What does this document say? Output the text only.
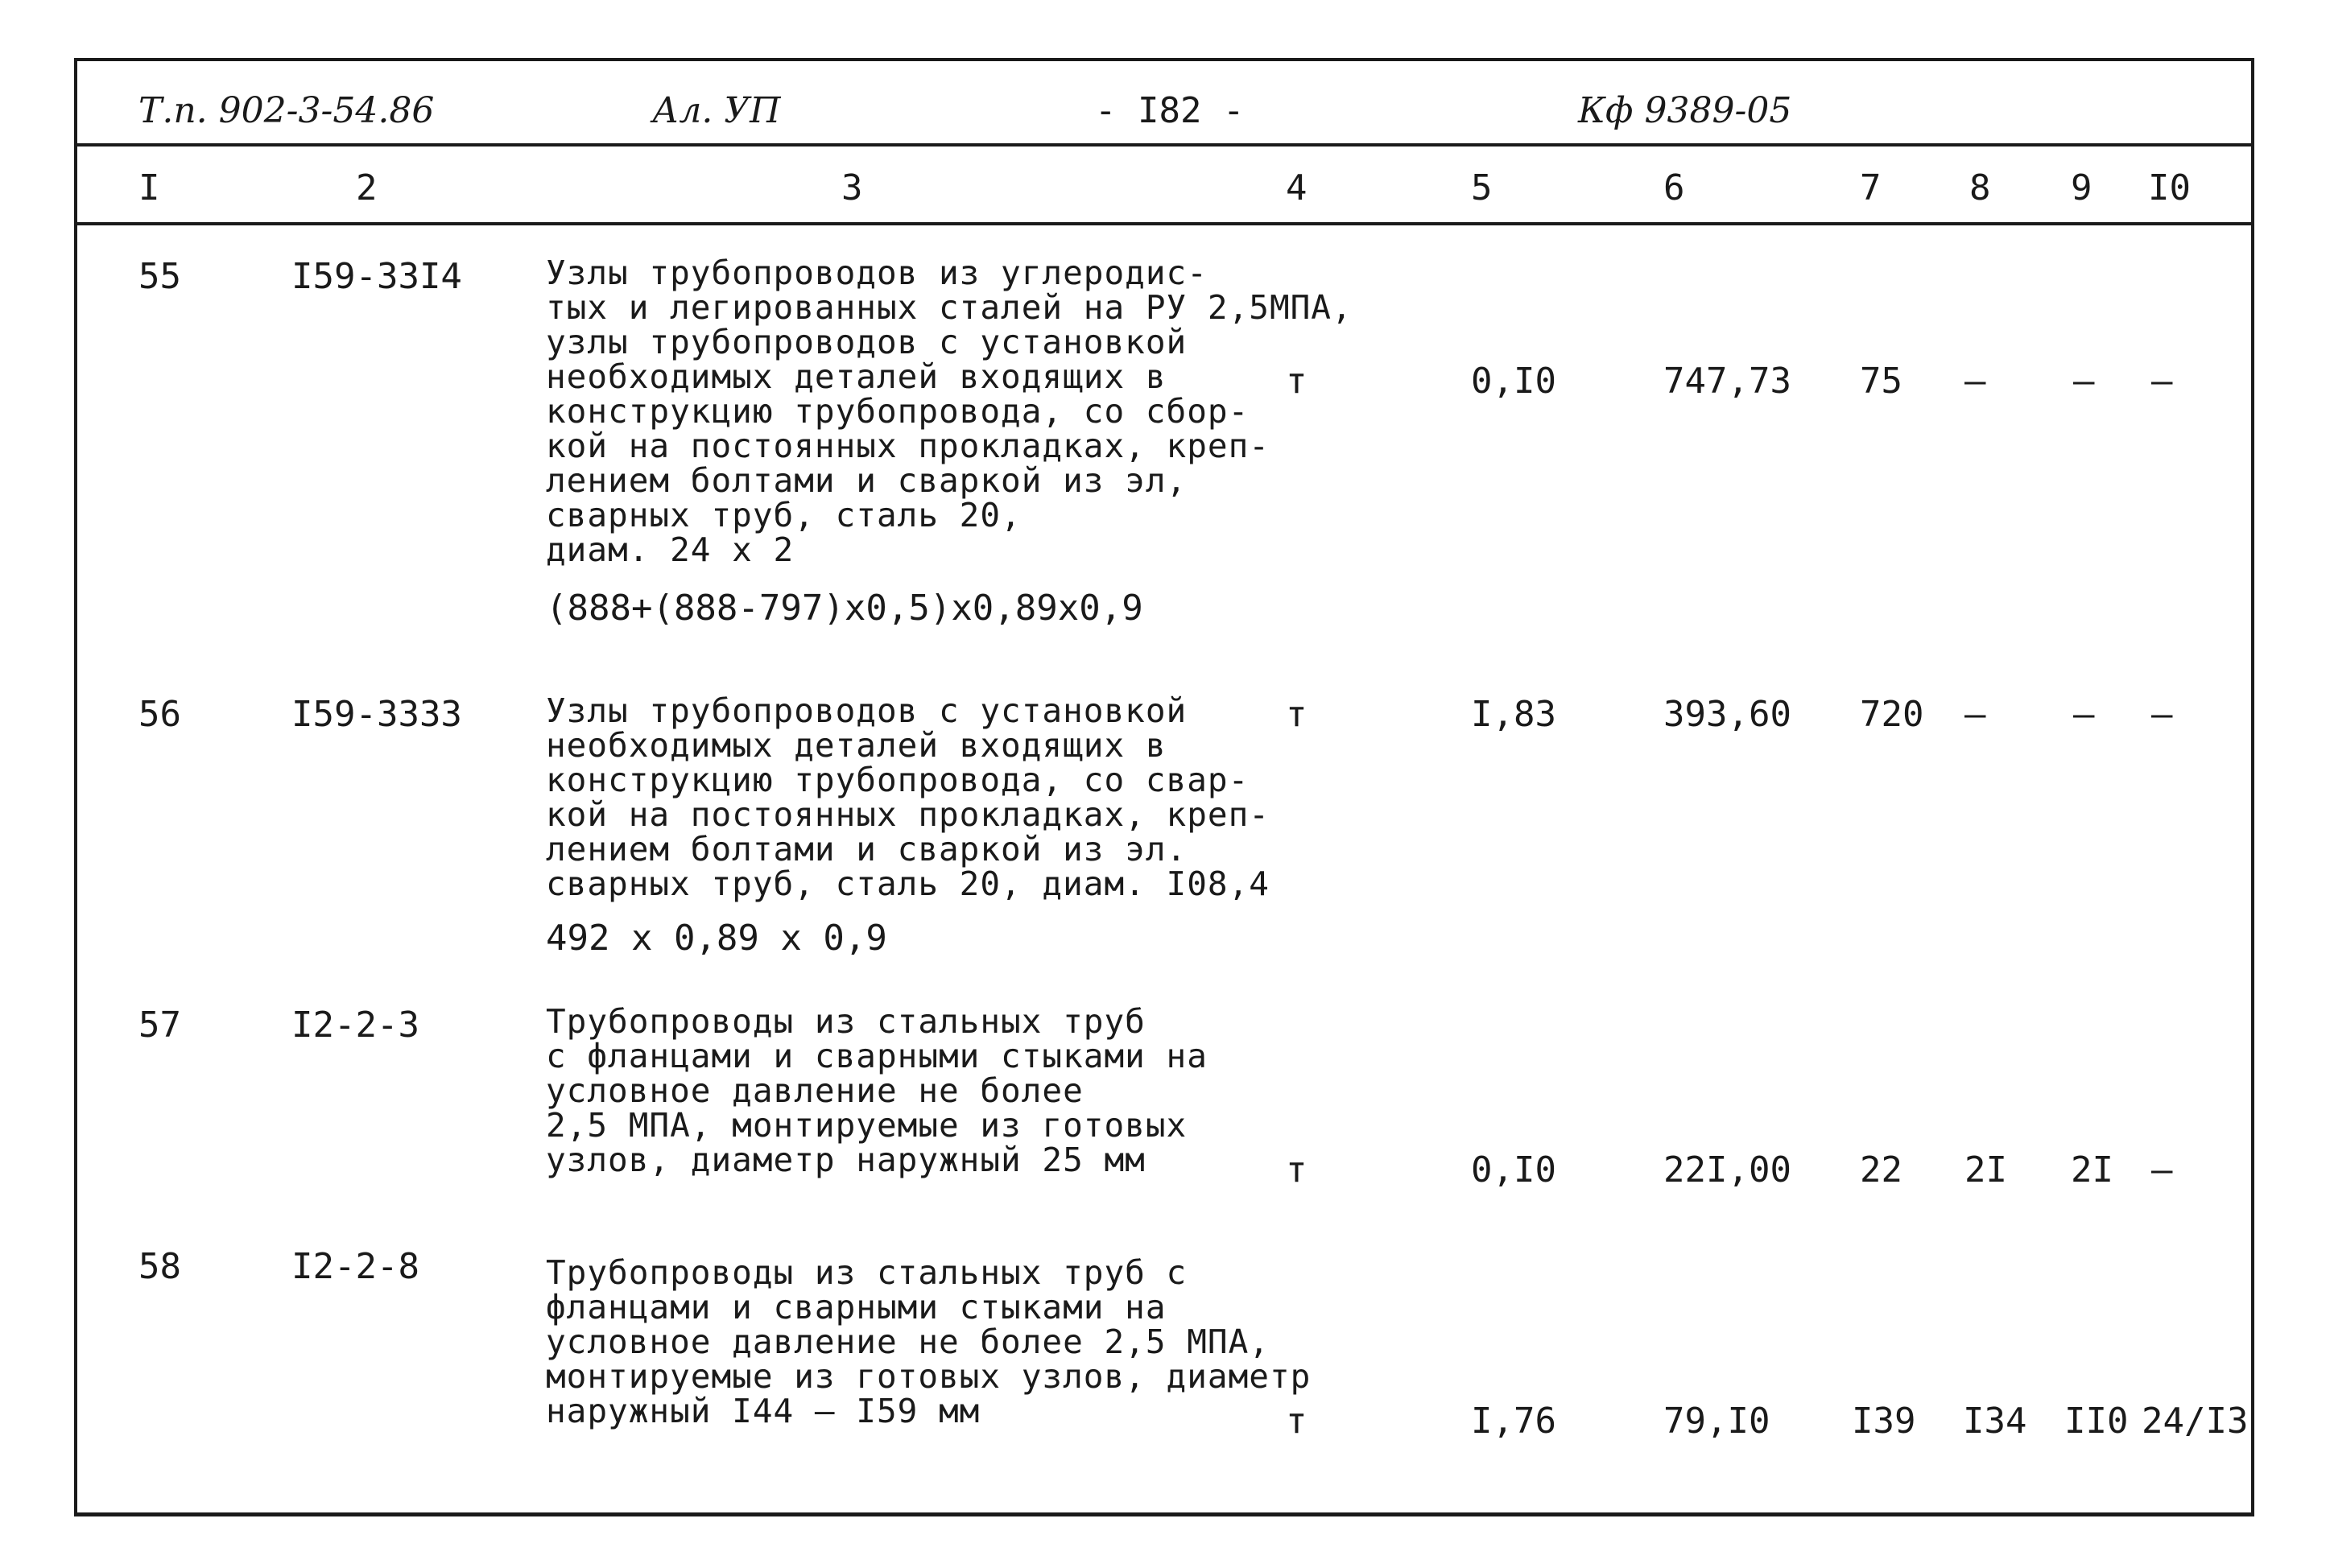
Т.п. 902-3-54.86	Ал. УП	- I82 -	Кф 9389-05
I	2	3	4	5	6	7 8 9 I0
55	I59-33I4	Узлы трубопроводов из углеродис-
тых и легированных сталей на РУ 2,5МПА,
узлы трубопроводов с установкой
необходимых деталей входящих в
конструкцию трубопровода, со сбор-
кой на постоянных прокладках, креп-
лением болтами и сваркой из эл,
сварных труб, сталь 20,
диам. 24 х 2
(888+(888-797)х0,5)х0,89х0,9
т	0,I0	747,73 75 – – –
56	I59-3333	Узлы трубопроводов с установкой
необходимых деталей входящих в
конструкцию трубопровода, со свар-
кой на постоянных прокладках, креп-
лением болтами и сваркой из эл.
сварных труб, сталь 20, диам. I08,4
492 х 0,89 х 0,9
т	I,83	393,60 720 – – –
57	I2-2-3	Трубопроводы из стальных труб
с фланцами и сварными стыками на
условное давление не более
2,5 МПА, монтируемые из готовых
узлов, диаметр наружный 25 мм	т	0,I0	22I,00 22 2I 2I –
58	I2-2-8	Трубопроводы из стальных труб с
фланцами и сварными стыками на
условное давление не более 2,5 МПА,
монтируемые из готовых узлов, диаметр
наружный I44 – I59 мм	т	I,76	79,I0 I39 I34 II0 24/I3
